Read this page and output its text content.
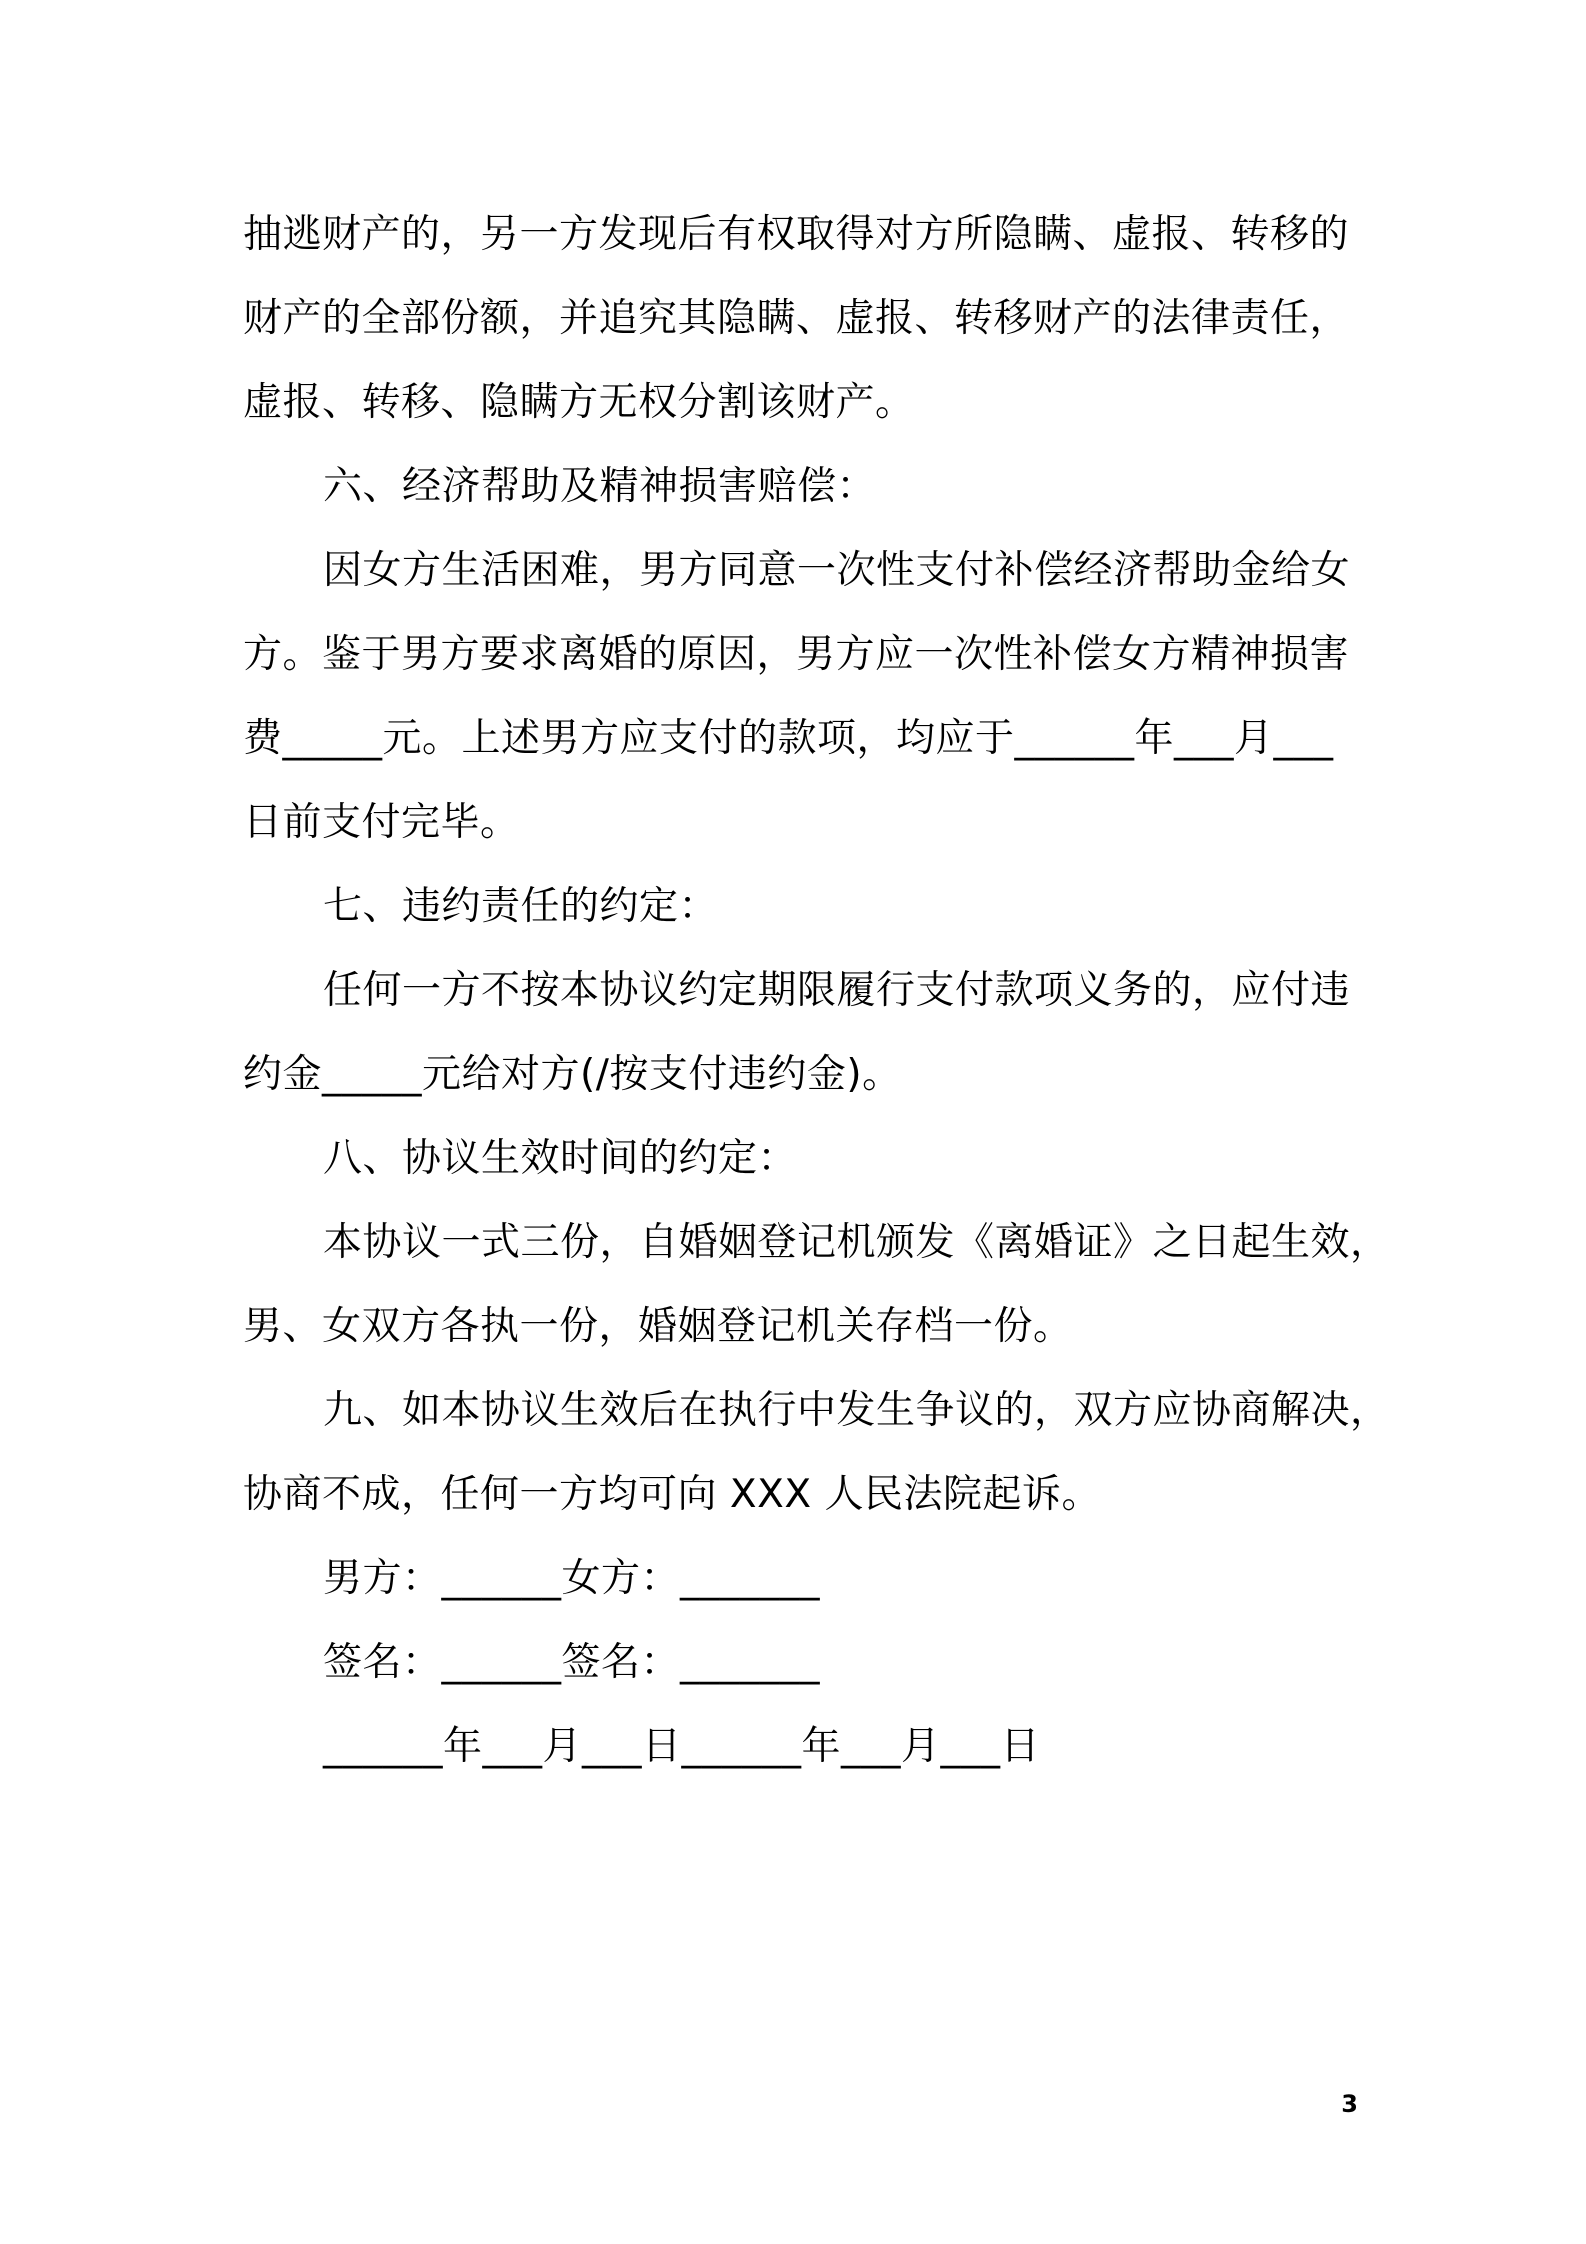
抽逃财产的，另一方发现后有权取得对方所隐瞒、虚报、转移的
财产的全部份额，并追究其隐瞒、虚报、转移财产的法律责任，
虚报、转移、隐瞒方无权分割该财产。
六、经济帮助及精神损害赔偿：
因女方生活困难，男方同意一次性支付补偿经济帮助金给女
方。鉴于男方要求离婚的原因，男方应一次性补偿女方精神损害
费_____元。上述男方应支付的款项，均应于______年___月___
日前支付完毕。
七、违约责任的约定：
任何一方不按本协议约定期限履行支付款项义务的，应付违
约金_____元给对方(/按支付违约金)。
八、协议生效时间的约定：
本协议一式三份，自婚姻登记机颁发《离婚证》之日起生效，
男、女双方各执一份，婚姻登记机关存档一份。
九、如本协议生效后在执行中发生争议的，双方应协商解决，
协商不成，任何一方均可向 XXX 人民法院起诉。
男方：______女方：_______
签名：______签名：_______
______年___月___日______年___月___日
3
